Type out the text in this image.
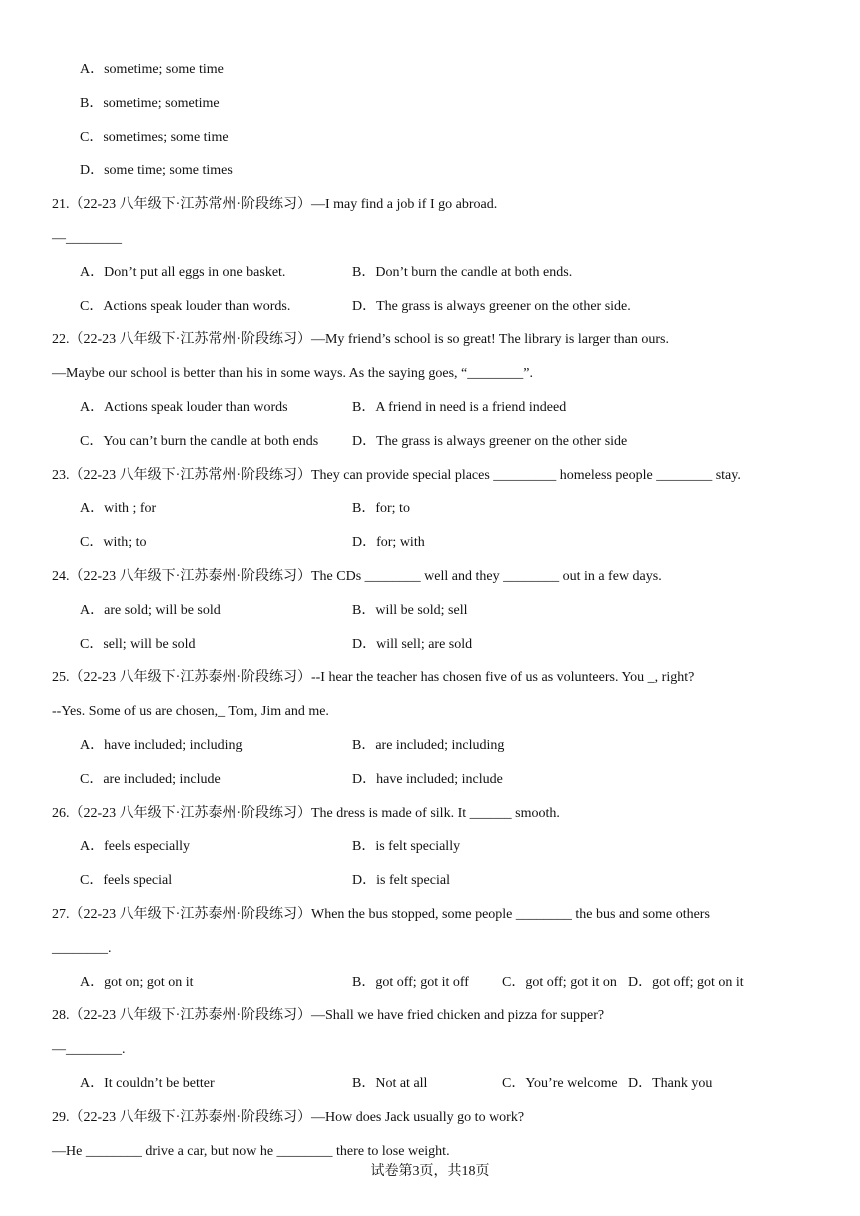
A．sometime; some time
B．sometime; sometime
C．sometimes; some time
D．some time; some times
21.（22-23 八年级下·江苏常州·阶段练习）—I may find a job if I go abroad.
—________
A．Don’t put all eggs in one basket.	B．Don’t burn the candle at both ends.
C．Actions speak louder than words.	D．The grass is always greener on the other side.
22.（22-23 八年级下·江苏常州·阶段练习）—My friend’s school is so great! The library is larger than ours.
—Maybe our school is better than his in some ways. As the saying goes, “________”.
A．Actions speak louder than words	B．A friend in need is a friend indeed
C．You can’t burn the candle at both ends D．The grass is always greener on the other side
23.（22-23 八年级下·江苏常州·阶段练习）They can provide special places _________ homeless people ________ stay.
A．with ; for	B．for; to
C．with; to	D．for; with
24.（22-23 八年级下·江苏泰州·阶段练习）The CDs ________ well and they ________ out in a few days.
A．are sold; will be sold	B．will be sold; sell
C．sell; will be sold	D．will sell; are sold
25.（22-23 八年级下·江苏泰州·阶段练习）--I hear the teacher has chosen five of us as volunteers. You _, right?
--Yes. Some of us are chosen,_ Tom, Jim and me.
A．have included; including	B．are included; including
C．are included; include	D．have included; include
26.（22-23 八年级下·江苏泰州·阶段练习）The dress is made of silk. It ______ smooth.
A．feels especially	B．is felt specially
C．feels special	D．is felt special
27.（22-23 八年级下·江苏泰州·阶段练习）When the bus stopped, some people ________ the bus and some others
________.
A．got on; got on it	B．got off; got it off C．got off; got it on D．got off; got on it
28.（22-23 八年级下·江苏泰州·阶段练习）—Shall we have fried chicken and pizza for supper?
—________.
A．It couldn’t be better	B．Not at all	C．You’re welcome D．Thank you
29.（22-23 八年级下·江苏泰州·阶段练习）—How does Jack usually go to work?
—He ________ drive a car, but now he ________ there to lose weight.
试卷第3页，共18页
